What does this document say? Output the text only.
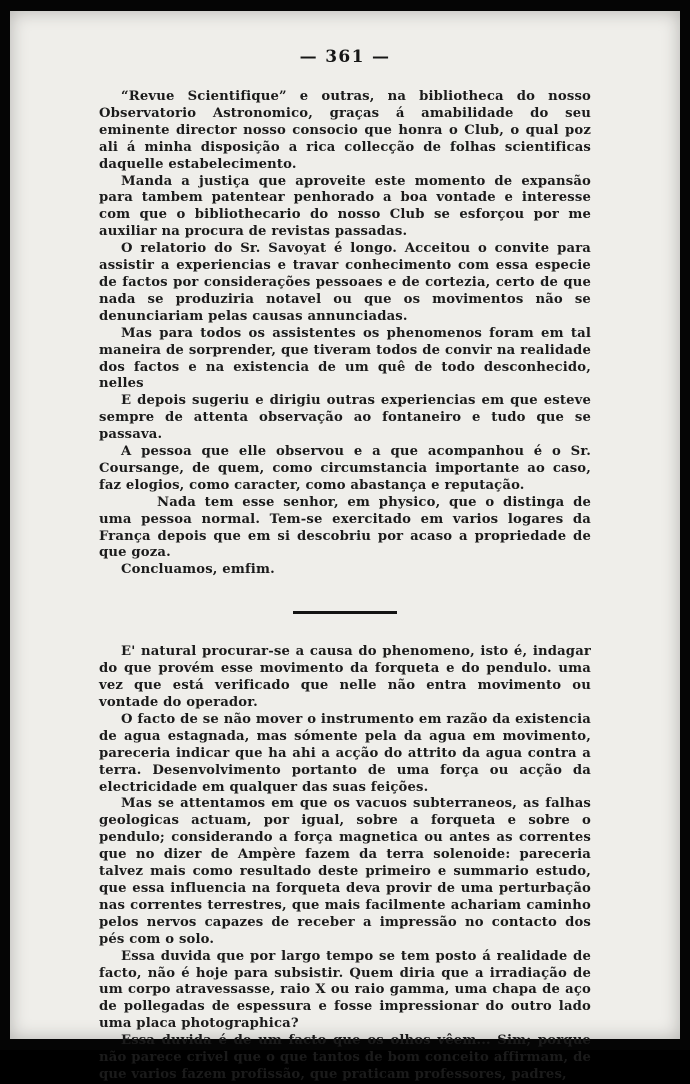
— 361 —

“Revue Scientifique” e outras, na bibliotheca do nosso Observatorio Astronomico, graças á amabilidade do seu eminente director nosso consocio que honra o Club, o qual poz ali á minha disposição a rica collecção de folhas scientificas daquelle estabelecimento.

Manda a justiça que aproveite este momento de expansão para tambem patentear penhorado a boa vontade e interesse com que o bibliothecario do nosso Club se esforçou por me auxiliar na procura de revistas passadas.

O relatorio do Sr. Savoyat é longo. Acceitou o convite para assistir a experiencias e travar conhecimento com essa especie de factos por considerações pessoaes e de cortezia, certo de que nada se produziria notavel ou que os movimentos não se denunciariam pelas causas annunciadas.

Mas para todos os assistentes os phenomenos foram em tal maneira de sorprender, que tiveram todos de convir na realidade dos factos e na existencia de um quê de todo desconhecido, nelles

E depois sugeriu e dirigiu outras experiencias em que esteve sempre de attenta observação ao fontaneiro e tudo que se passava.

A pessoa que elle observou e a que acompanhou é o Sr. Coursange, de quem, como circumstancia importante ao caso, faz elogios, como caracter, como abastança e reputação.

Nada tem esse senhor, em physico, que o distinga de uma pessoa normal. Tem-se exercitado em varios logares da França depois que em si descobriu por acaso a propriedade de que goza.

Concluamos, emfim.

E' natural procurar-se a causa do phenomeno, isto é, indagar do que provém esse movimento da forqueta e do pendulo. uma vez que está verificado que nelle não entra movimento ou vontade do operador.

O facto de se não mover o instrumento em razão da existencia de agua estagnada, mas sómente pela da agua em movimento, pareceria indicar que ha ahi a acção do attrito da agua contra a terra. Desenvolvimento portanto de uma força ou acção da electricidade em qualquer das suas feições.

Mas se attentamos em que os vacuos subterraneos, as falhas geologicas actuam, por igual, sobre a forqueta e sobre o pendulo; considerando a força magnetica ou antes as correntes que no dizer de Ampère fazem da terra solenoide: pareceria talvez mais como resultado deste primeiro e summario estudo, que essa influencia na forqueta deva provir de uma perturbação nas correntes terrestres, que mais facilmente achariam caminho pelos nervos capazes de receber a impressão no contacto dos pés com o solo.

Essa duvida que por largo tempo se tem posto á realidade de facto, não é hoje para subsistir. Quem diria que a irradiação de um corpo atravessasse, raio X ou raio gamma, uma chapa de aço de pollegadas de espessura e fosse impressionar do outro lado uma placa photographica?

Essa duvida é de um facto que os olhos vêem... Sim; porque não parece crivel que o que tantos de bom conceito affirmam, de que varios fazem profissão, que praticam professores, padres,
